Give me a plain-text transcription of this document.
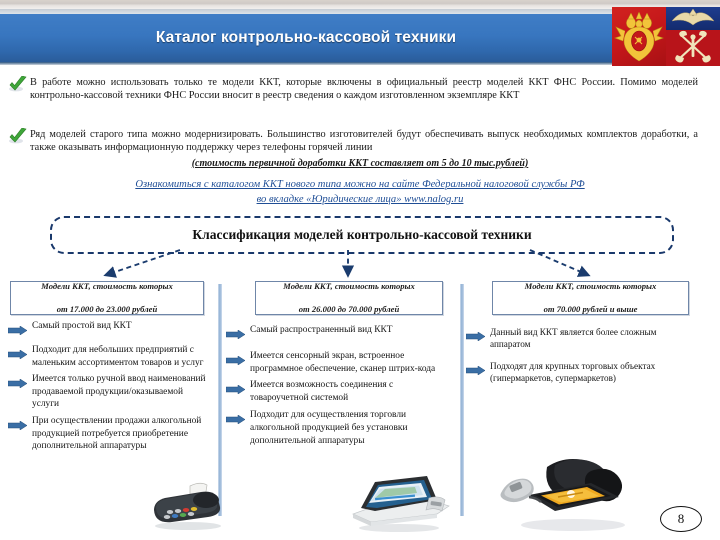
Каталог контрольно-кассовой техники
В работе можно использовать только те модели ККТ, которые включены в официальный реестр моделей ККТ ФНС России. Помимо моделей контрольно-кассовой техники ФНС России вносит в реестр сведения о каждом изготовленном экземпляре ККТ
Ряд моделей старого типа можно модернизировать. Большинство изготовителей будут обеспечивать выпуск необходимых комплектов доработки, а также оказывать информационную поддержку через телефоны горячей линии
(стоимость первичной доработки ККТ составляет от 5 до 10 тыс.рублей)
Ознакомиться с каталогом ККТ нового типа можно на сайте Федеральной налоговой службы РФ
во вкладке «Юридические лица» www.nalog.ru
Классификация моделей контрольно-кассовой техники
Модели ККТ, стоимость которых

от 17.000 до 23.000 рублей
Модели ККТ, стоимость которых

от 26.000 до 70.000 рублей
Модели ККТ, стоимость которых

от 70.000 рублей и выше
Самый простой вид ККТ
Подходит для небольших предприятий с маленьким ассортиментом товаров и услуг
Имеется только ручной ввод наименований продаваемой продукции/оказываемой услуги
При осуществлении продажи алкогольной продукцией потребуется приобретение дополнительной аппаратуры
Самый распространенный вид ККТ
Имеется сенсорный экран, встроенное программное обеспечение, сканер штрих-кода
Имеется возможность соединения с товароучетной системой
Подходит для осуществления торговли алкогольной продукцией без установки дополнительной аппаратуры
Данный вид ККТ является более сложным аппаратом
Подходят для крупных торговых объектах (гипермаркетов, супермаркетов)
8
